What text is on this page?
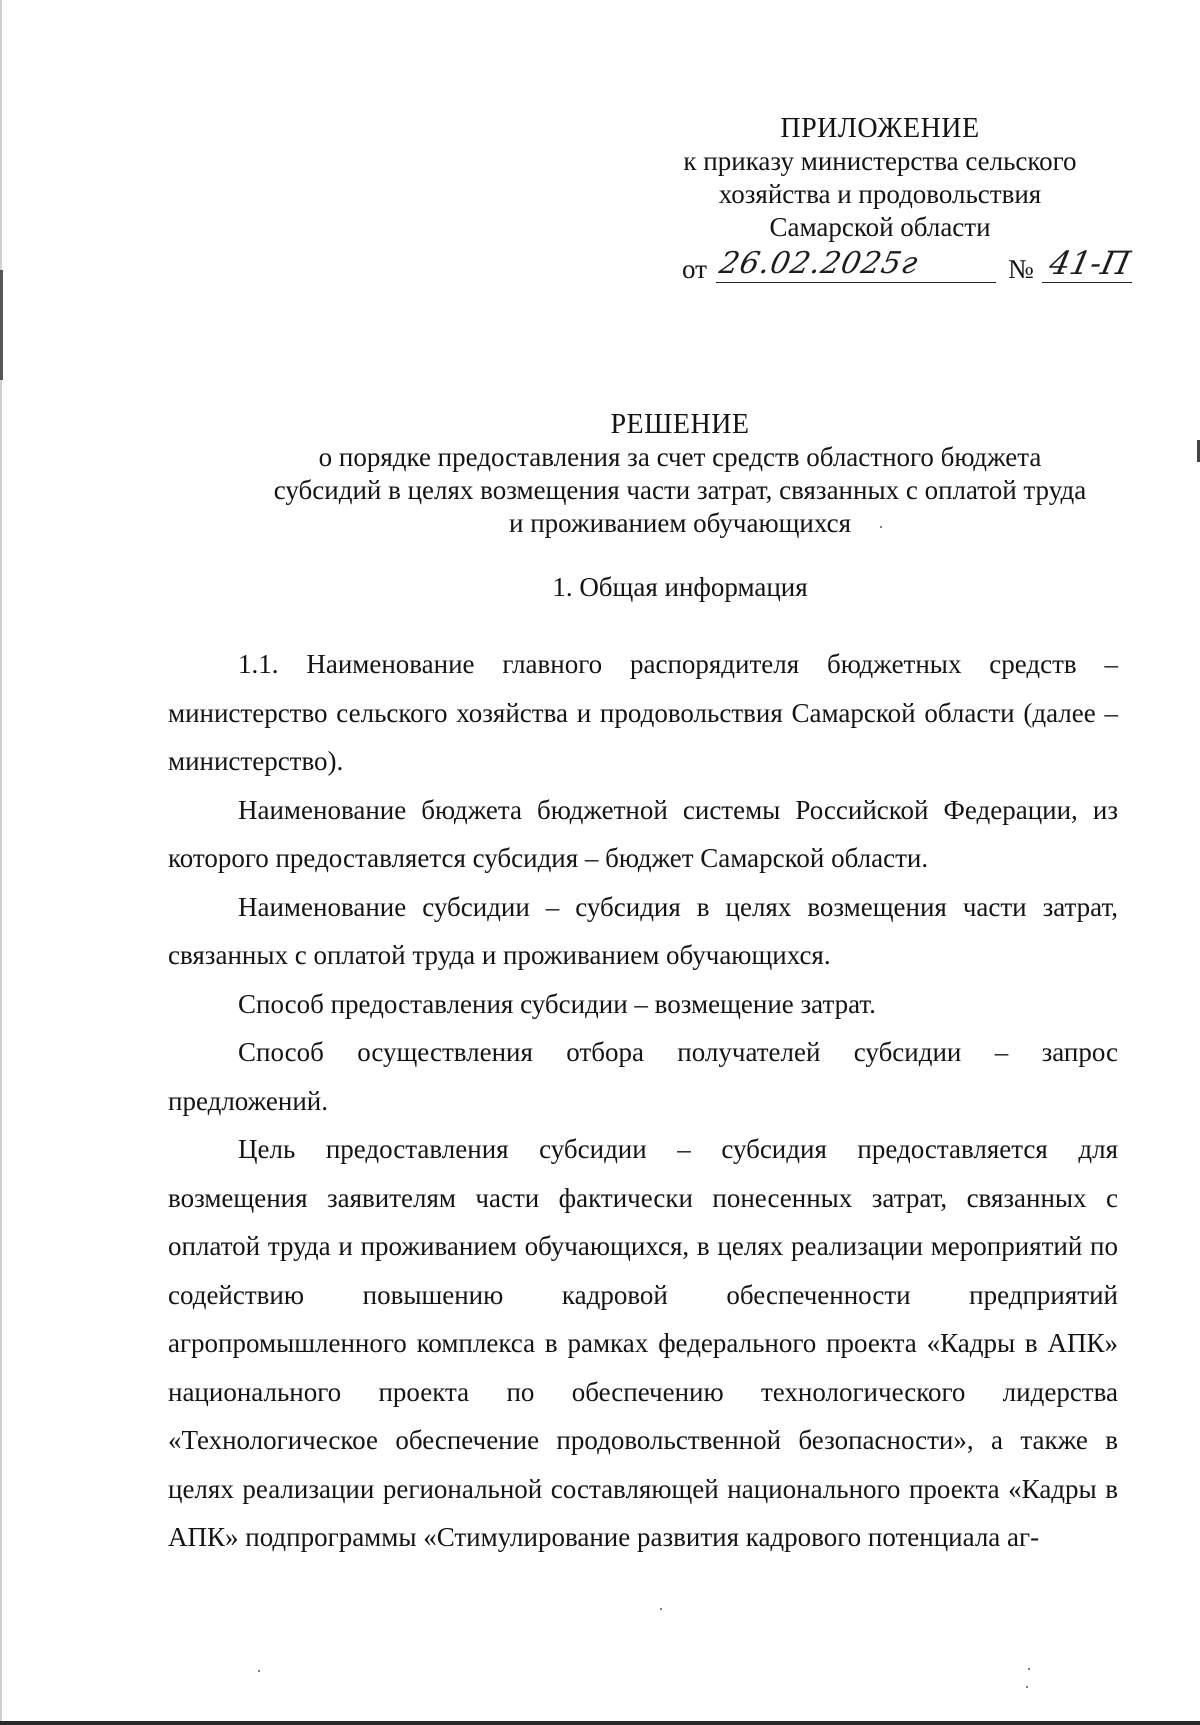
ПРИЛОЖЕНИЕ
к приказу министерства сельского
хозяйства и продовольствия
Самарской области
от 26.02.2025г	№ 41-П
РЕШЕНИЕ
о порядке предоставления за счет средств областного бюджета
субсидий в целях возмещения части затрат, связанных с оплатой труда
и проживанием обучающихся
1. Общая информация

1.1. Наименование главного распорядителя бюджетных средств – министерство сельского хозяйства и продовольствия Самарской области (далее – министерство).

Наименование бюджета бюджетной системы Российской Федерации, из которого предоставляется субсидия – бюджет Самарской области.

Наименование субсидии – субсидия в целях возмещения части затрат, связанных с оплатой труда и проживанием обучающихся.

Способ предоставления субсидии – возмещение затрат.

Способ осуществления отбора получателей субсидии – запрос предложений.

Цель предоставления субсидии – субсидия предоставляется для возмещения заявителям части фактически понесенных затрат, связанных с оплатой труда и проживанием обучающихся, в целях реализации мероприятий по содействию повышению кадровой обеспеченности предприятий агропромышленного комплекса в рамках федерального проекта «Кадры в АПК» национального проекта по обеспечению технологического лидерства «Технологическое обеспечение продовольственной безопасности», а также в целях реализации региональной составляющей национального проекта «Кадры в АПК» подпрограммы «Стимулирование развития кадрового потенциала аг-
